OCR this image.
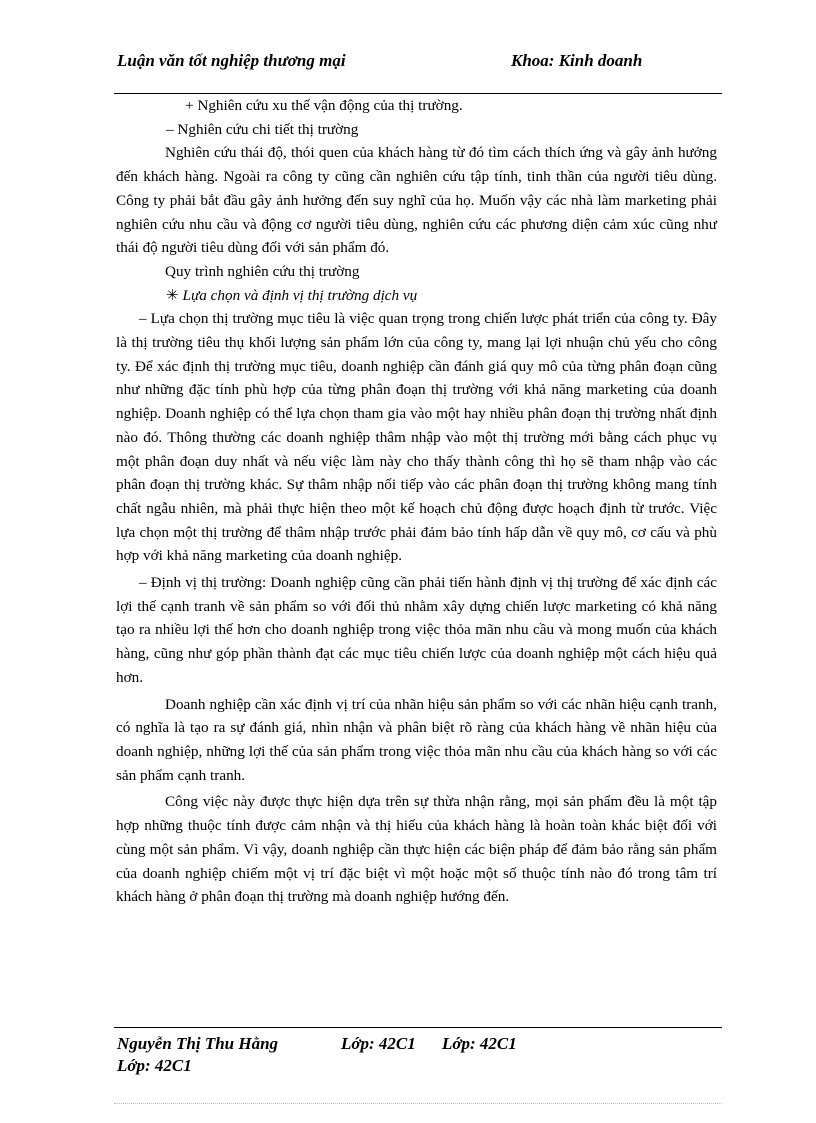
Luận văn tốt nghiệp thương mại	Khoa: Kinh doanh

+ Nghiên cứu xu thế vận động của thị trường.

– Nghiên cứu chi tiết thị trường

Nghiên cứu thái độ, thói quen của khách hàng từ đó tìm cách thích ứng và gây ảnh hưởng đến khách hàng. Ngoài ra công ty cũng cần nghiên cứu tập tính, tinh thần của người tiêu dùng. Công ty phải bắt đầu gây ảnh hưởng đến suy nghĩ của họ. Muốn vậy các nhà làm marketing phải nghiên cứu nhu cầu và động cơ người tiêu dùng, nghiên cứu các phương diện cảm xúc cũng như thái độ người tiêu dùng đối với sản phẩm đó.

Quy trình nghiên cứu thị trường

✳ Lựa chọn và định vị thị trường dịch vụ

– Lựa chọn thị trường mục tiêu là việc quan trọng trong chiến lược phát triển của công ty. Đây là thị trường tiêu thụ khối lượng sản phẩm lớn của công ty, mang lại lợi nhuận chủ yếu cho công ty. Để xác định thị trường mục tiêu, doanh nghiệp cần đánh giá quy mô của từng phân đoạn cũng như những đặc tính phù hợp của từng phân đoạn thị trường với khả năng marketing của doanh nghiệp. Doanh nghiệp có thể lựa chọn tham gia vào một hay nhiều phân đoạn thị trường nhất định nào đó. Thông thường các doanh nghiệp thâm nhập vào một thị trường mới bằng cách phục vụ một phân đoạn duy nhất và nếu việc làm này cho thấy thành công thì họ sẽ tham nhập vào các phân đoạn thị trường khác. Sự thâm nhập nối tiếp vào các phân đoạn thị trường không mang tính chất ngẫu nhiên, mà phải thực hiện theo một kế hoạch chủ động được hoạch định từ trước. Việc lựa chọn một thị trường để thâm nhập trước phải đảm bảo tính hấp dẫn về quy mô, cơ cấu và phù hợp với khả năng marketing của doanh nghiệp.

– Định vị thị trường: Doanh nghiệp cũng cần phải tiến hành định vị thị trường để xác định các lợi thế cạnh tranh về sản phẩm so với đối thủ nhằm xây dựng chiến lược marketing có khả năng tạo ra nhiều lợi thế hơn cho doanh nghiệp trong việc thỏa mãn nhu cầu và mong muốn của khách hàng, cũng như góp phần thành đạt các mục tiêu chiến lược của doanh nghiệp một cách hiệu quả hơn.

Doanh nghiệp cần xác định vị trí của nhãn hiệu sản phẩm so với các nhãn hiệu cạnh tranh, có nghĩa là tạo ra sự đánh giá, nhìn nhận và phân biệt rõ ràng của khách hàng về nhãn hiệu của doanh nghiệp, những lợi thế của sản phẩm trong việc thỏa mãn nhu cầu của khách hàng so với các sản phẩm cạnh tranh.

Công việc này được thực hiện dựa trên sự thừa nhận rằng, mọi sản phẩm đều là một tập hợp những thuộc tính được cảm nhận và thị hiếu của khách hàng là hoàn toàn khác biệt đối với cùng một sản phẩm. Vì vậy, doanh nghiệp cần thực hiện các biện pháp để đảm bảo rằng sản phẩm của doanh nghiệp chiếm một vị trí đặc biệt vì một hoặc một số thuộc tính nào đó trong tâm trí khách hàng ở phân đoạn thị trường mà doanh nghiệp hướng đến.

Nguyễn Thị Thu Hằng	Lớp: 42C1 Lớp: 42C1
Lớp: 42C1
